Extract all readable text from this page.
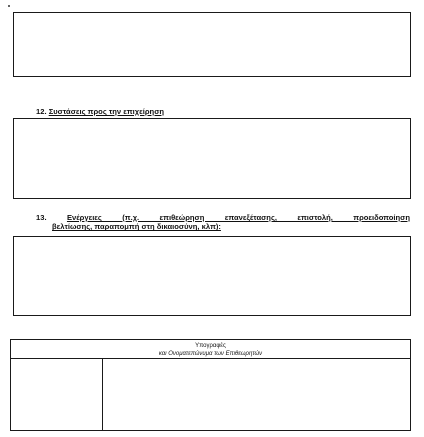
12. Συστάσεις προς την επιχείρηση

13.	Ενέργειες (π.χ. επιθεώρηση επανεξέτασης, επιστολή, προειδοποίηση
βελτίωσης, παραπομπή στη δικαιοσύνη, κλπ):

Υπογραφές
και Ονοματεπώνυμα των Επιθεωρητών
